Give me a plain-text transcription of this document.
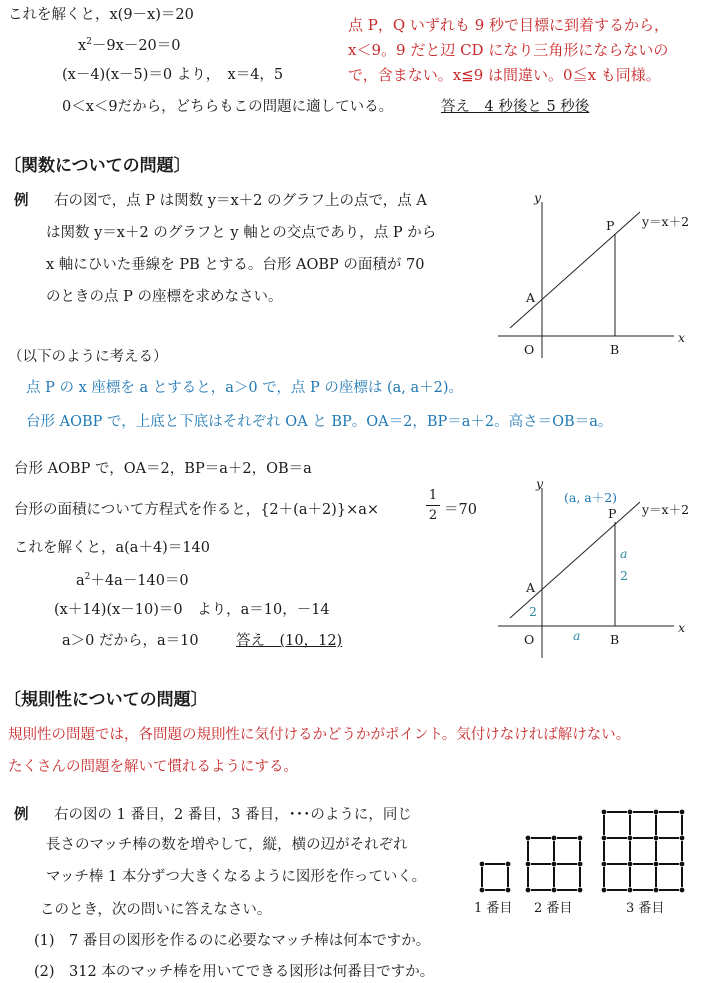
これを解くと，x(9－x)＝20
$x^2-9x-20=0$
(x－4)(x－5)＝0 より，　x＝4，5
0＜x＜9だから，どちらもこの問題に適している。	答え　4 秒後と 5 秒後
点 P，Q いずれも 9 秒で目標に到着するから，
x＜9。9 だと辺 CD になり三角形にならないの
で，含まない。x≦9 は間違い。0≦x も同様。
〔関数についての問題〕
例 右の図で，点 P は関数 y＝x＋2 のグラフ上の点で，点 A
は関数 y＝x＋2 のグラフと y 軸との交点であり，点 P から
x 軸にひいた垂線を PB とする。台形 AOBP の面積が 70
のときの点 P の座標を求めなさい。
（以下のように考える）
点 P の x 座標を a とすると，a＞0 で，点 P の座標は (a, a＋2)。
台形 AOBP で，上底と下底はそれぞれ OA と BP。OA＝2，BP＝a＋2。高さ＝OB＝a。
台形 AOBP で，OA＝2，BP＝a＋2，OB＝a
台形の面積について方程式を作ると，{2＋(a＋2)}×a×
1
2 ＝70
これを解くと，a(a＋4)＝140
$a^2+4a-140=0$
(x＋14)(x－10)＝0　より，a＝10，－14
a＞0 だから，a＝10	答え　(10，12)
y
x
O
A
B
P y＝x＋2
y
x
O
A
B
P y＝x＋2
(a, a＋2)
2
a
a
2
〔規則性についての問題〕
規則性の問題では，各問題の規則性に気付けるかどうかがポイント。気付けなければ解けない。
たくさんの問題を解いて慣れるようにする。
例 右の図の 1 番目，2 番目，3 番目，･･･のように，同じ
長さのマッチ棒の数を増やして，縦，横の辺がそれぞれ
マッチ棒 1 本分ずつ大きくなるように図形を作っていく。
このとき，次の問いに答えなさい。
(1)　7 番目の図形を作るのに必要なマッチ棒は何本ですか。
(2)　312 本のマッチ棒を用いてできる図形は何番目ですか。
1 番目 2 番目	3 番目
